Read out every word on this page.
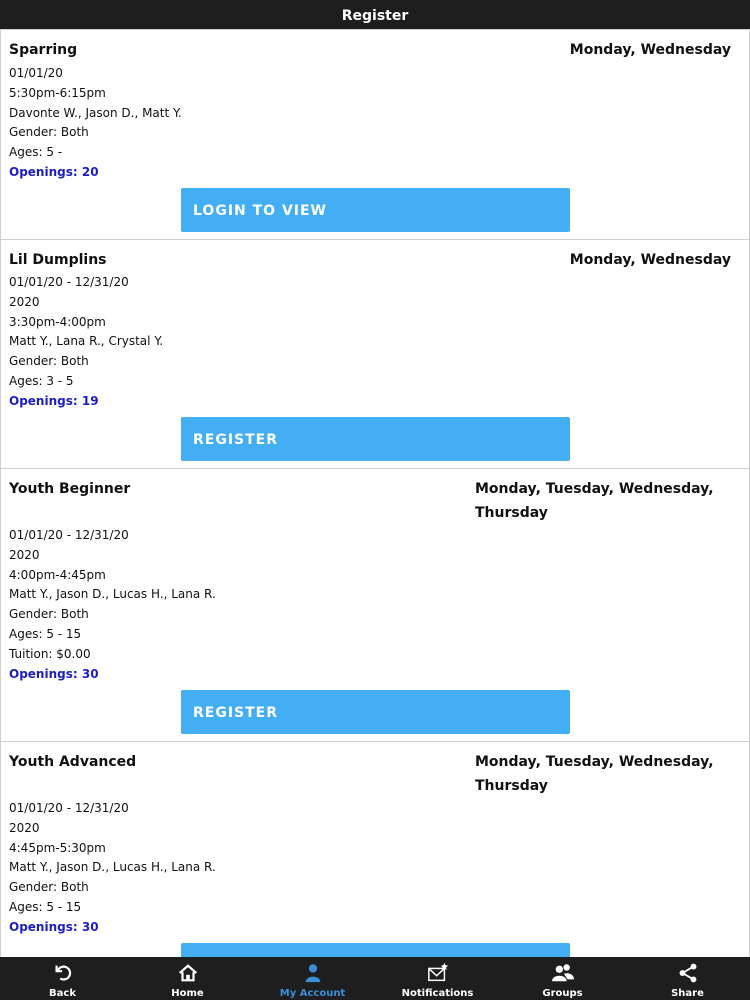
Register
Sparring	Monday, Wednesday
01/01/20
5:30pm-6:15pm
Davonte W., Jason D., Matt Y.
Gender: Both
Ages: 5 -
Openings: 20
LOGIN TO VIEW
Lil Dumplins	Monday, Wednesday
01/01/20 - 12/31/20
2020
3:30pm-4:00pm
Matt Y., Lana R., Crystal Y.
Gender: Both
Ages: 3 - 5
Openings: 19
REGISTER
Youth Beginner	Monday, Tuesday, Wednesday,
Thursday
01/01/20 - 12/31/20
2020
4:00pm-4:45pm
Matt Y., Jason D., Lucas H., Lana R.
Gender: Both
Ages: 5 - 15
Tuition: $0.00
Openings: 30
REGISTER
Youth Advanced	Monday, Tuesday, Wednesday,
Thursday
01/01/20 - 12/31/20
2020
4:45pm-5:30pm
Matt Y., Jason D., Lucas H., Lana R.
Gender: Both
Ages: 5 - 15
Openings: 30
Back	Home	My Account	Notifications	Groups	Share
